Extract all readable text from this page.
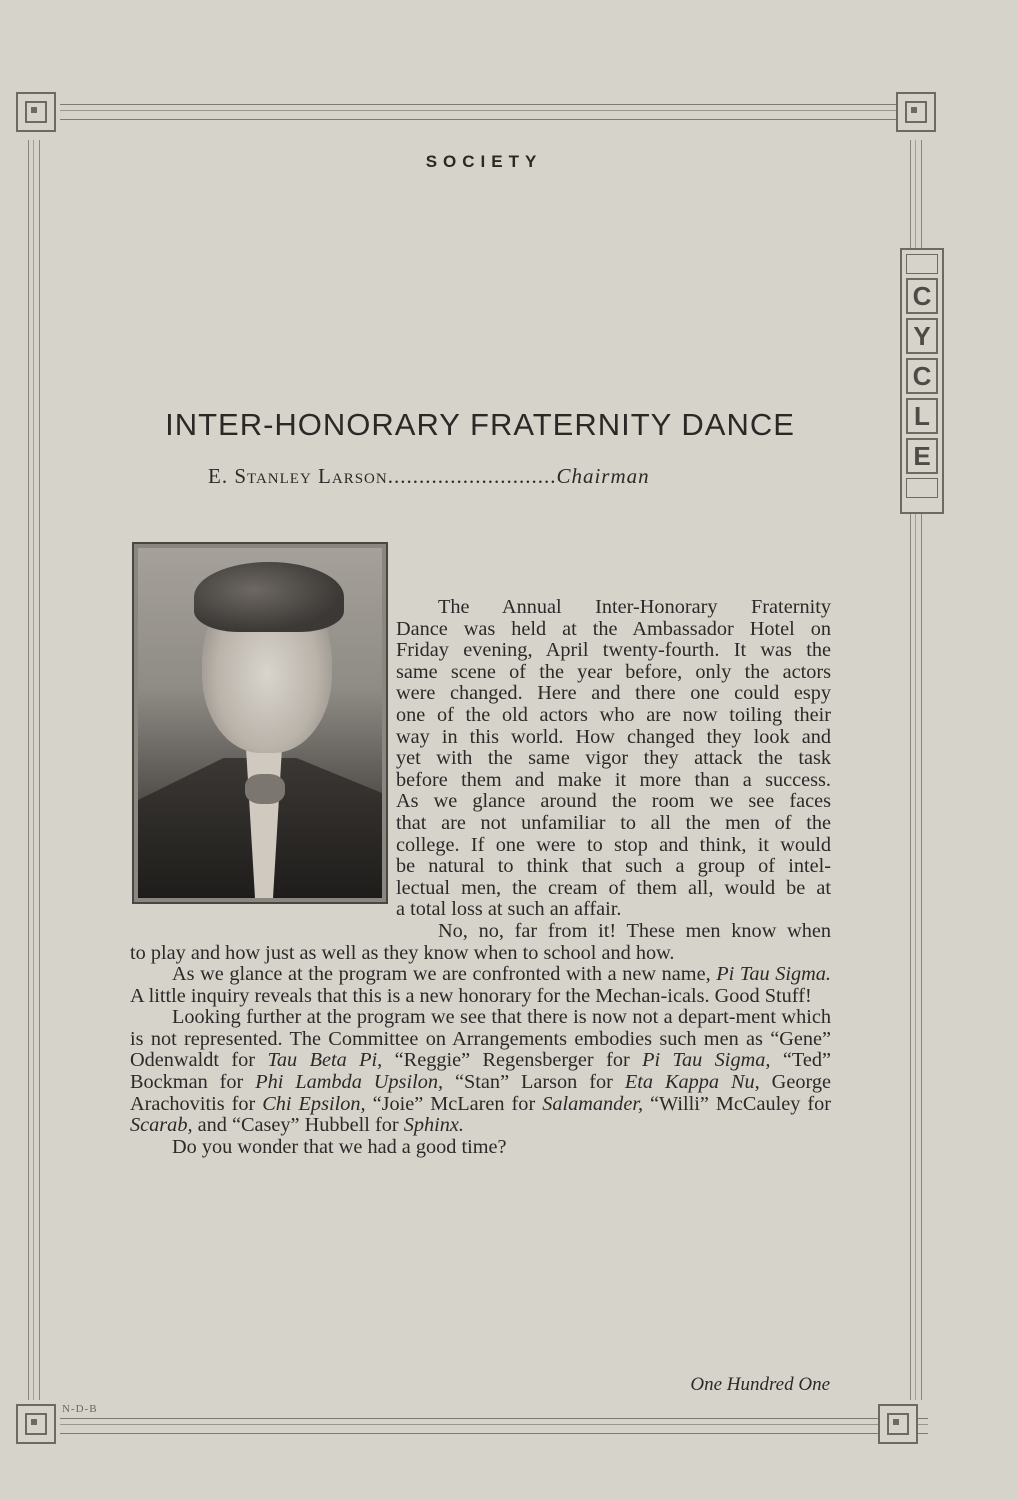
N-D-B
C
Y
C
L
E
SOCIETY
INTER-HONORARY FRATERNITY DANCE
E. Stanley Larson...........................Chairman

The Annual Inter-Honorary Fraternity

Dance was held at the Ambassador Hotel on

Friday evening, April twenty-fourth. It was the

same scene of the year before, only the actors

were changed. Here and there one could espy

one of the old actors who are now toiling their

way in this world. How changed they look and

yet with the same vigor they attack the task

before them and make it more than a success.

As we glance around the room we see faces

that are not unfamiliar to all the men of the

college. If one were to stop and think, it would

be natural to think that such a group of intel-

lectual men, the cream of them all, would be at

a total loss at such an affair.

No, no, far from it! These men know when

to play and how just as well as they know when to school and how.

As we glance at the program we are confronted with a new name, Pi Tau Sigma. A little inquiry reveals that this is a new honorary for the Mechan-icals. Good Stuff!

Looking further at the program we see that there is now not a depart-ment which is not represented. The Committee on Arrangements embodies such men as “Gene” Odenwaldt for Tau Beta Pi, “Reggie” Regensberger for Pi Tau Sigma, “Ted” Bockman for Phi Lambda Upsilon, “Stan” Larson for Eta Kappa Nu, George Arachovitis for Chi Epsilon, “Joie” McLaren for Salamander, “Willi” McCauley for Scarab, and “Casey” Hubbell for Sphinx.

Do you wonder that we had a good time?

One Hundred One
